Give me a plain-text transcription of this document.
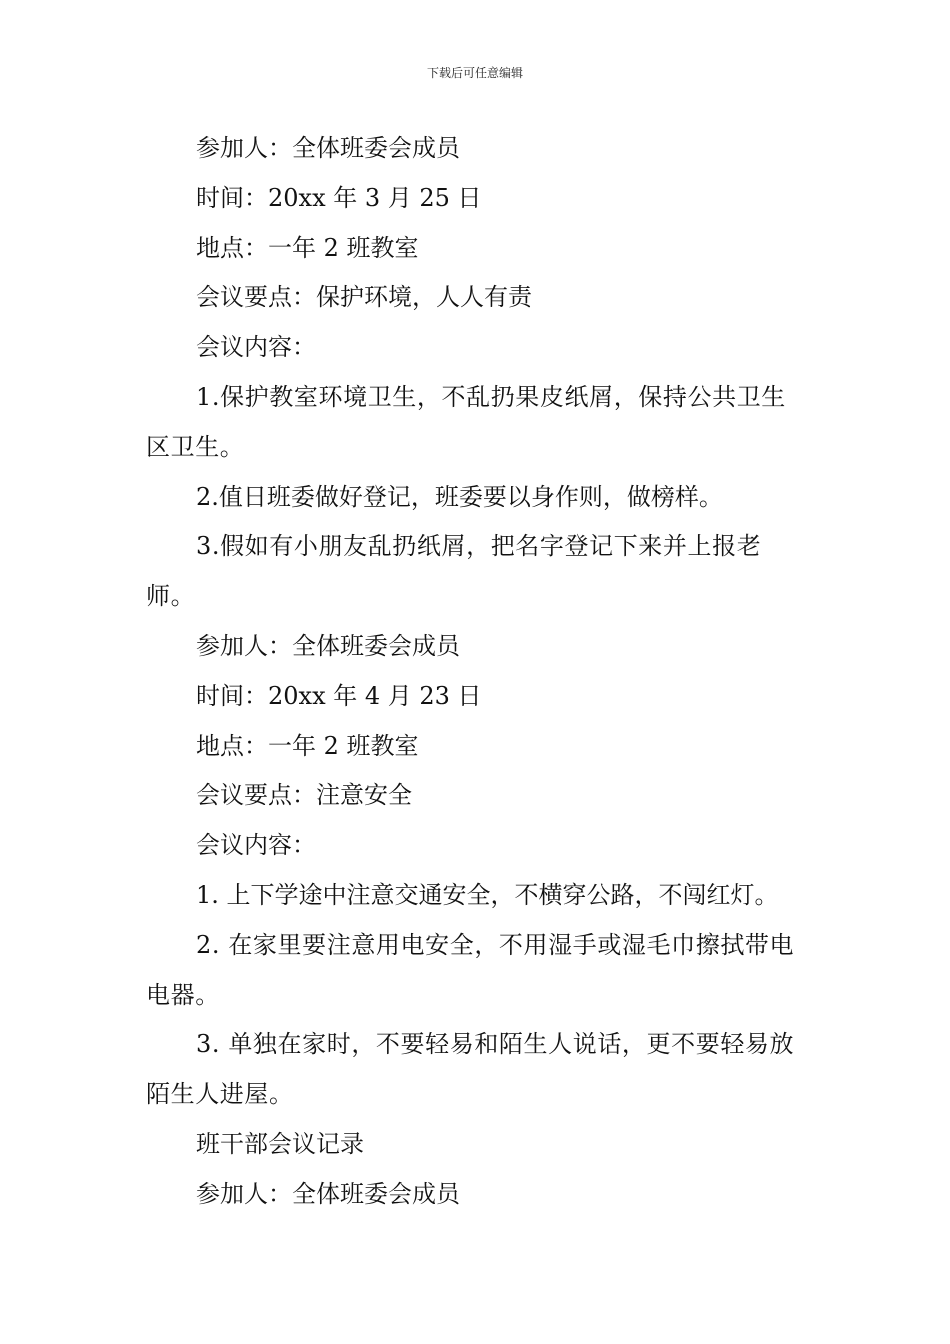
下载后可任意编辑

参加人：全体班委会成员

时间：20xx 年 3 月 25 日

地点：一年 2 班教室

会议要点：保护环境，人人有责

会议内容：

1.保护教室环境卫生，不乱扔果皮纸屑，保持公共卫生区卫生。

2.值日班委做好登记，班委要以身作则，做榜样。

3.假如有小朋友乱扔纸屑，把名字登记下来并上报老师。

参加人：全体班委会成员

时间：20xx 年 4 月 23 日

地点：一年 2 班教室

会议要点：注意安全

会议内容：

1. 上下学途中注意交通安全，不横穿公路，不闯红灯。

2. 在家里要注意用电安全，不用湿手或湿毛巾擦拭带电电器。

3. 单独在家时，不要轻易和陌生人说话，更不要轻易放陌生人进屋。

班干部会议记录

参加人：全体班委会成员
